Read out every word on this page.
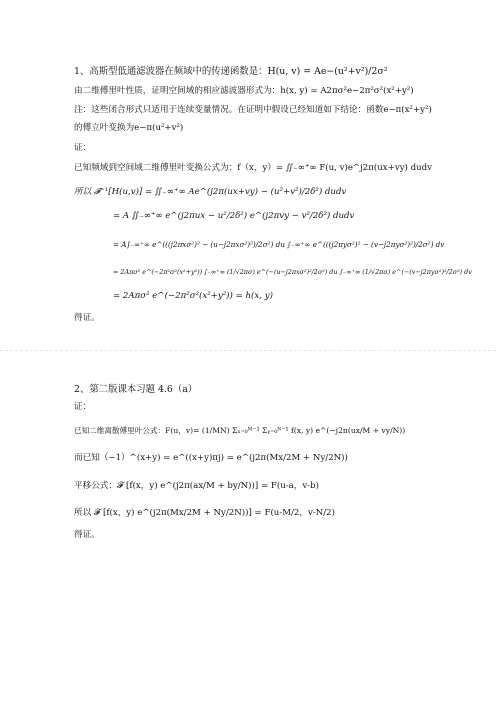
1、高斯型低通滤波器在频域中的传递函数是：H(u, v) = Ae−(u²+v²)/2σ²
由二维傅里叶性质，证明空间域的相应滤波器形式为：h(x, y) = A2πσ²e−2π²σ²(x²+y²)
注：这些闭合形式只适用于连续变量情况。在证明中假设已经知道如下结论：函数e−π(x²+y²)
的傅立叶变换为e−π(u²+v²)
证：
已知频域到空间域二维傅里叶变换公式为：f（x，y）= ∬₋∞⁺∞ F(u, v)e^j2π(ux+vy) dudv
所以 𝓕⁻¹[H(u,v)] = ∬₋∞⁺∞ Ae^(j2π(ux+vy) − (u²+v²)/2δ²) dudv
= A ∬₋∞⁺∞ e^(j2πux − u²/2δ²) e^(j2πvy − v²/2δ²) dudv
= A∫₋∞⁺∞ e^(((j2πxσ²)² − (u−j2πxσ²)²)/2σ²) du ∫₋∞⁺∞ e^(((j2πyσ²)² − (v−j2πyσ²)²)/2σ²) dv
= 2Aπσ² e^(−2π²σ²(x²+y²)) ∫₋∞⁺∞ (1/√2πσ) e^(−(u−j2πxσ²)²/2σ²) du ∫₋∞⁺∞ (1/√2πσ) e^(−(v−j2πyσ²)²/2σ²) dv
= 2Aπσ² e^(−2π²σ²(x²+y²)) = h(x, y)
得证。
2、第二版课本习题 4.6（a）
证：
已知二维离散傅里叶公式：F(u，v)= (1/MN) Σₓ₌₀ᴹ⁻¹ Σᵧ₌₀ᴺ⁻¹ f(x, y) e^(−j2π(ux/M + vy/N))
而已知（−1）^(x+y) = e^((x+y)πj) = e^(j2π(Mx/2M + Ny/2N))
平移公式：𝓕 [f(x，y) e^(j2π(ax/M + by/N))] = F(u-a，v-b)
所以 𝓕 [f(x，y) e^(j2π(Mx/2M + Ny/2N))] = F(u-M/2，v-N/2)
得证。
